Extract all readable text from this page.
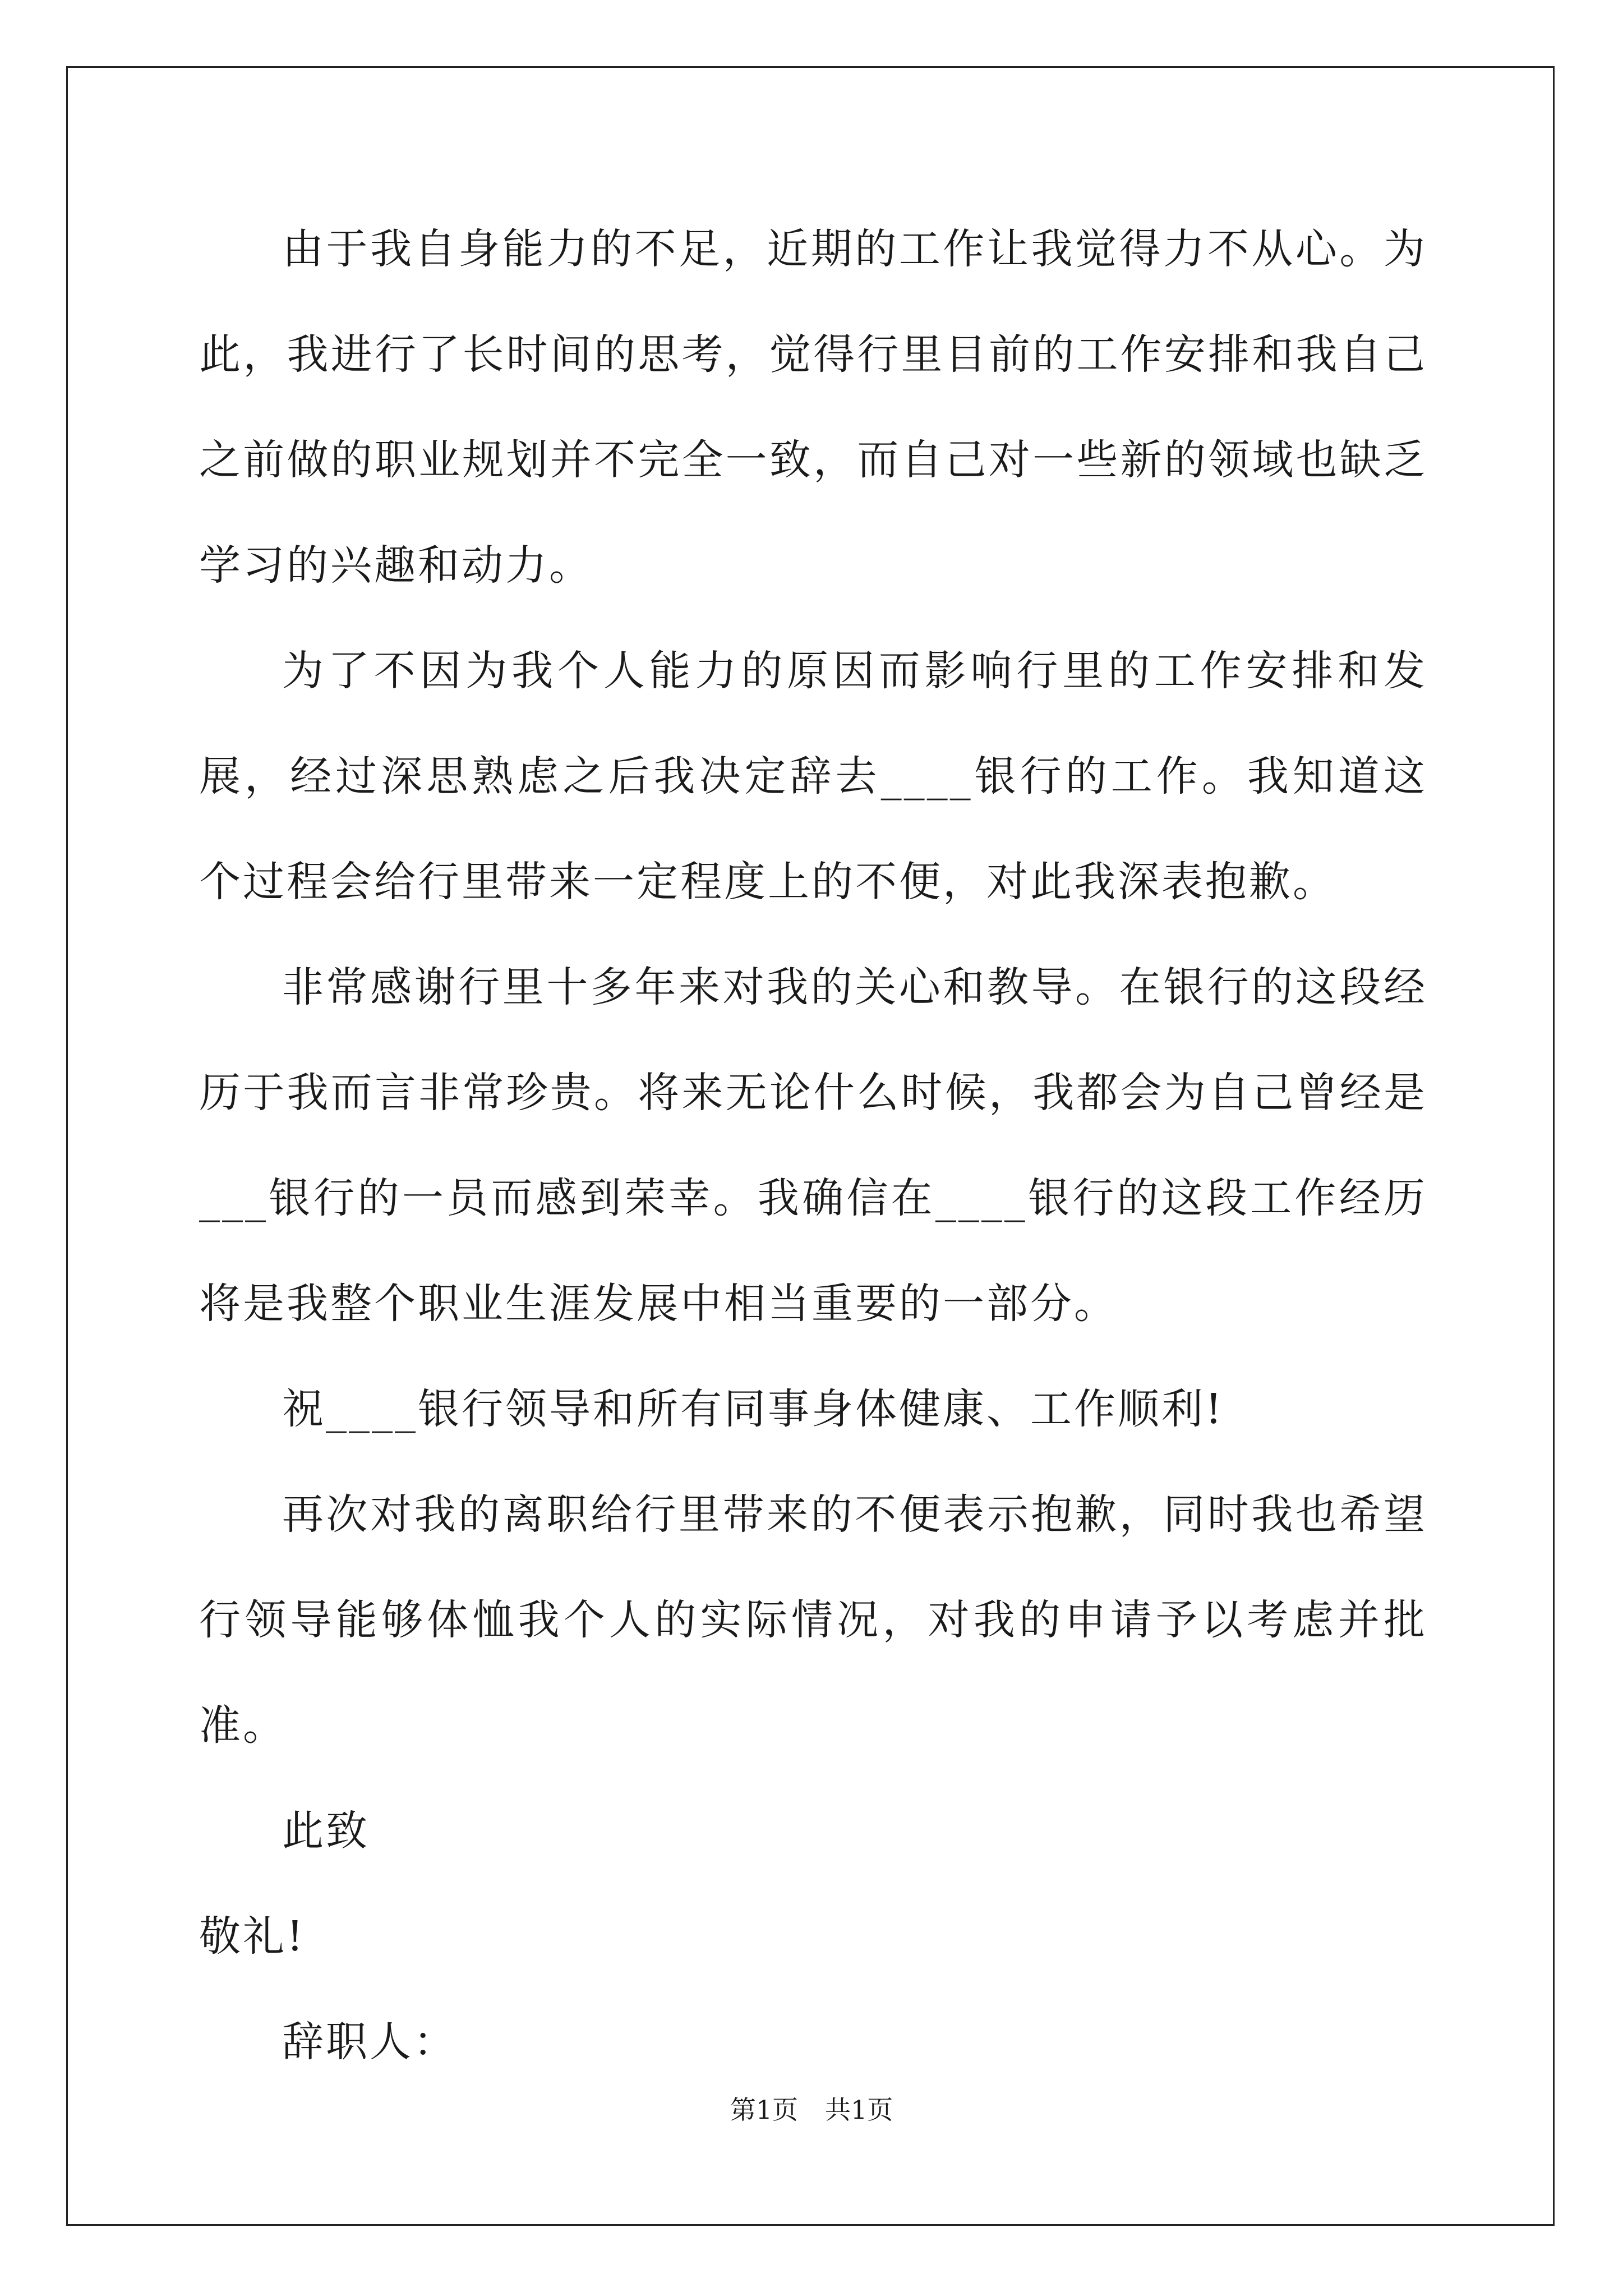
由于我自身能力的不足，近期的工作让我觉得力不从心。为此，我进行了长时间的思考，觉得行里目前的工作安排和我自己之前做的职业规划并不完全一致，而自己对一些新的领域也缺乏学习的兴趣和动力。

为了不因为我个人能力的原因而影响行里的工作安排和发展，经过深思熟虑之后我决定辞去____银行的工作。我知道这个过程会给行里带来一定程度上的不便，对此我深表抱歉。

非常感谢行里十多年来对我的关心和教导。在银行的这段经历于我而言非常珍贵。将来无论什么时候，我都会为自己曾经是___银行的一员而感到荣幸。我确信在____银行的这段工作经历将是我整个职业生涯发展中相当重要的一部分。

祝____银行领导和所有同事身体健康、工作顺利!

再次对我的离职给行里带来的不便表示抱歉，同时我也希望行领导能够体恤我个人的实际情况，对我的申请予以考虑并批准。

此致

敬礼!

辞职人：

第1页 共1页
